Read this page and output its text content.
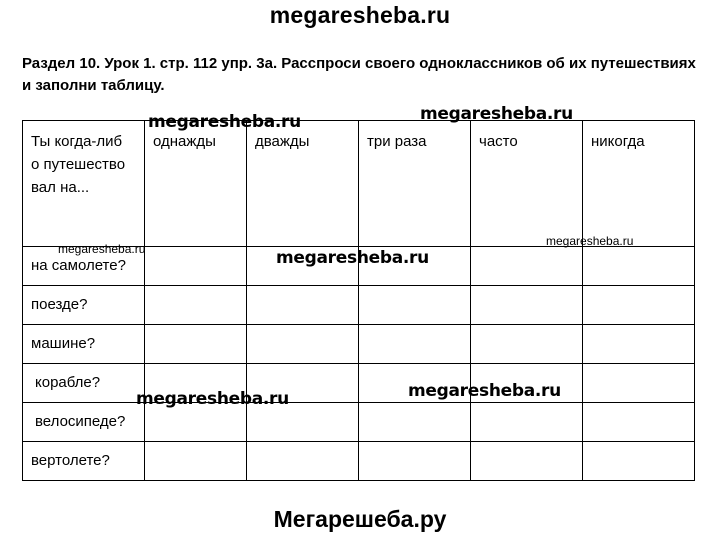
megaresheba.ru
Раздел 10. Урок 1. стр. 112 упр. 3а. Расспроси своего одноклассников об их путешествиях и заполни таблицу.
Ты когда-либо путешествовал на...	однажды	дважды	три раза	часто	никогда

на самолете?					

поезде?					

машине?					

корабле?					

велосипеде?					

вертолете?					

megaresheba.ru
megaresheba.ru
megaresheba.ru
megaresheba.ru
megaresheba.ru
megaresheba.ru
megaresheba.ru
Мегарешеба.ру
